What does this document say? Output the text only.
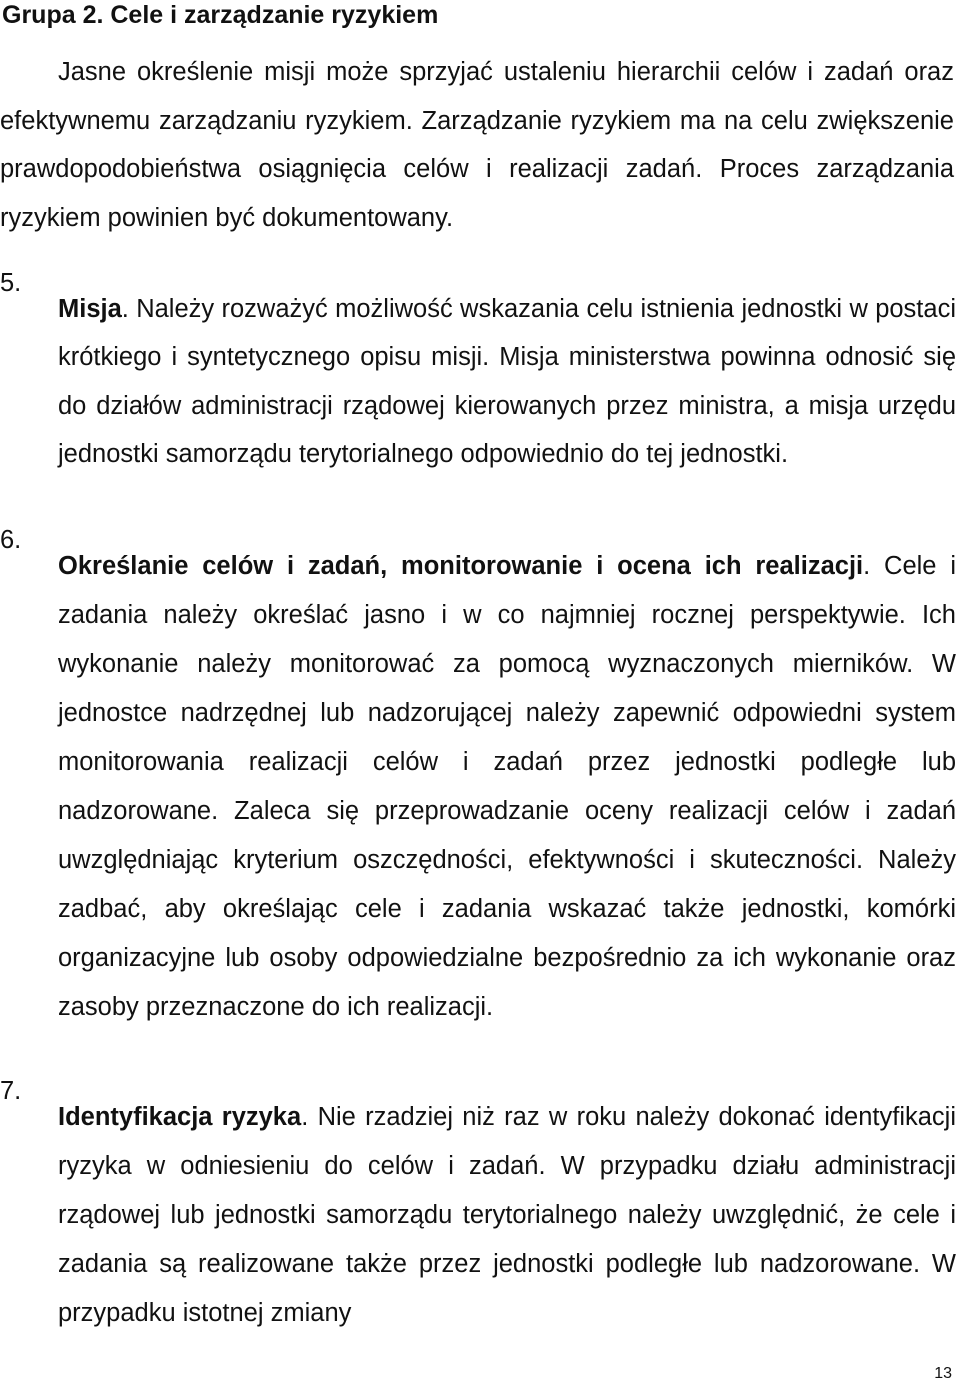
Grupa 2. Cele i zarządzanie ryzykiem

Jasne określenie misji może sprzyjać ustaleniu hierarchii celów i zadań oraz efektywnemu zarządzaniu ryzykiem. Zarządzanie ryzykiem ma na celu zwiększenie prawdopodobieństwa osiągnięcia celów i realizacji zadań. Proces zarządzania ryzykiem powinien być dokumentowany.

5.

Misja. Należy rozważyć możliwość wskazania celu istnienia jednostki w postaci krótkiego i syntetycznego opisu misji. Misja ministerstwa powinna odnosić się do działów administracji rządowej kierowanych przez ministra, a misja urzędu jednostki samorządu terytorialnego odpowiednio do tej jednostki.

6.

Określanie celów i zadań, monitorowanie i ocena ich realizacji. Cele i zadania należy określać jasno i w co najmniej rocznej perspektywie. Ich wykonanie należy monitorować za pomocą wyznaczonych mierników. W jednostce nadrzędnej lub nadzorującej należy zapewnić odpowiedni system monitorowania realizacji celów i zadań przez jednostki podległe lub nadzorowane. Zaleca się przeprowadzanie oceny realizacji celów i zadań uwzględniając kryterium oszczędności, efektywności i skuteczności. Należy zadbać, aby określając cele i zadania wskazać także jednostki, komórki organizacyjne lub osoby odpowiedzialne bezpośrednio za ich wykonanie oraz zasoby przeznaczone do ich realizacji.

7.

Identyfikacja ryzyka. Nie rzadziej niż raz w roku należy dokonać identyfikacji ryzyka w odniesieniu do celów i zadań. W przypadku działu administracji rządowej lub jednostki samorządu terytorialnego należy uwzględnić, że cele i zadania są realizowane także przez jednostki podległe lub nadzorowane. W przypadku istotnej zmiany

13
